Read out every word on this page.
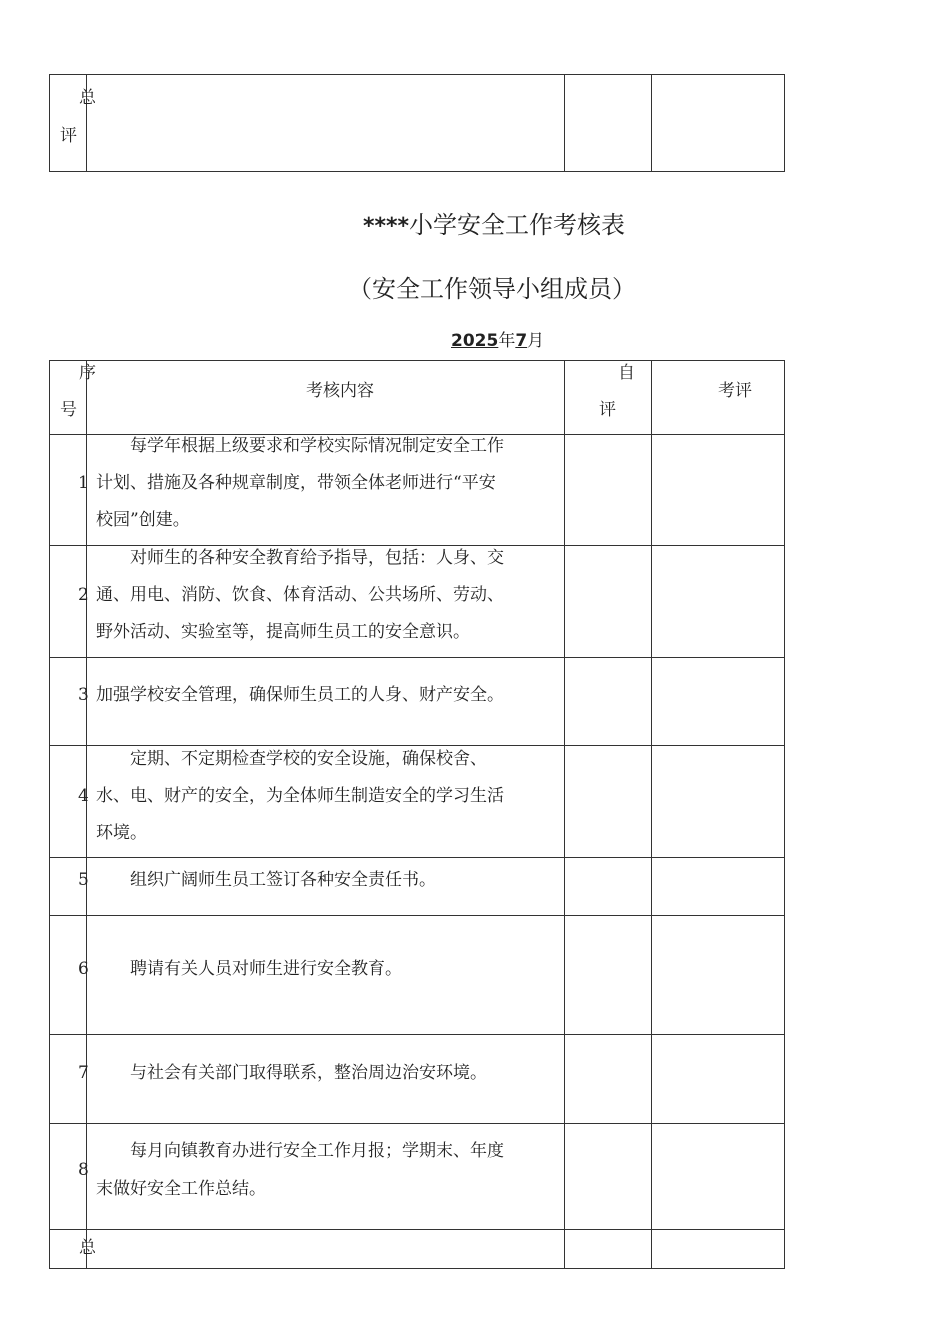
总
评
****小学安全工作考核表
（安全工作领导小组成员）
2025年7月
序
号
考核内容
自
评
考评
1
　　每学年根据上级要求和学校实际情况制定安全工作
计划、措施及各种规章制度，带领全体老师进行“平安
校园”创建。
2
　　对师生的各种安全教育给予指导，包括：人身、交
通、用电、消防、饮食、体育活动、公共场所、劳动、
野外活动、实验室等，提高师生员工的安全意识。
3 加强学校安全管理，确保师生员工的人身、财产安全。
4
　　定期、不定期检查学校的安全设施，确保校舍、
水、电、财产的安全，为全体师生制造安全的学习生活
环境。
5 　　组织广阔师生员工签订各种安全责任书。
6 　　聘请有关人员对师生进行安全教育。
7 　　与社会有关部门取得联系，整治周边治安环境。
8
　　每月向镇教育办进行安全工作月报；学期末、年度
末做好安全工作总结。
总
